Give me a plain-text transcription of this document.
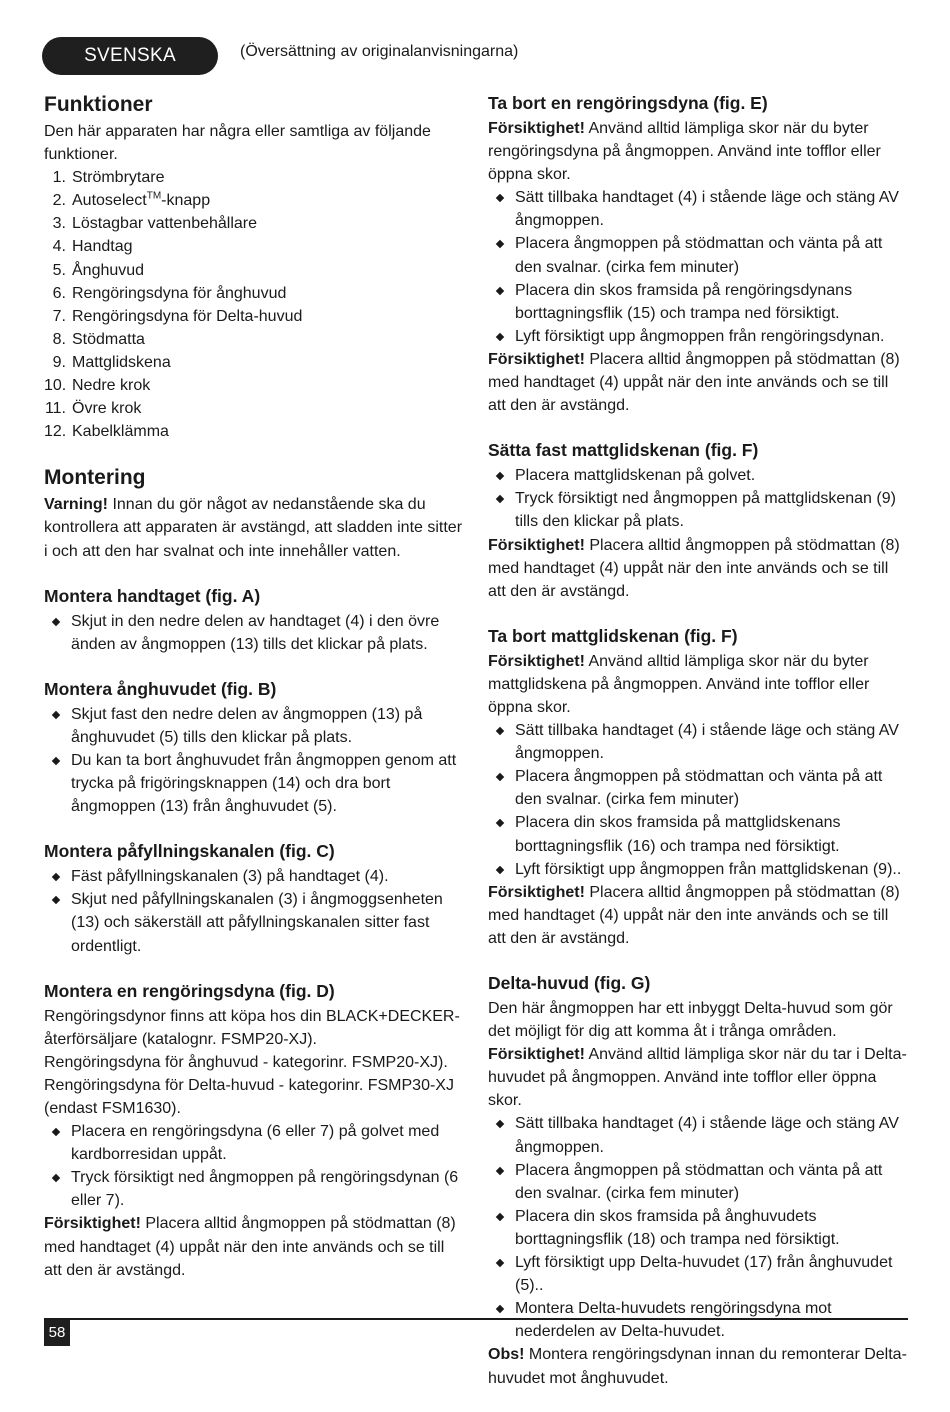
SVENSKA	(Översättning av originalanvisningarna)
Funktioner

Den här apparaten har några eller samtliga av följande funktioner.

1. Strömbrytare
2. Autoselect™-knapp
3. Löstagbar vattenbehållare
4. Handtag
5. Ånghuvud
6. Rengöringsdyna för ånghuvud
7. Rengöringsdyna för Delta-huvud
8. Stödmatta
9. Mattglidskena
10. Nedre krok
11. Övre krok
12. Kabelklämma
Montering

Varning! Innan du gör något av nedanstående ska du kontrollera att apparaten är avstängd, att sladden inte sitter i och att den har svalnat och inte innehåller vatten.

Montera handtaget (fig. A)
Skjut in den nedre delen av handtaget (4) i den övre änden av ångmoppen (13) tills det klickar på plats.
Montera ånghuvudet (fig. B)
Skjut fast den nedre delen av ångmoppen (13) på ånghuvudet (5) tills den klickar på plats.
Du kan ta bort ånghuvudet från ångmoppen genom att trycka på frigöringsknappen (14) och dra bort ångmoppen (13) från ånghuvudet (5).
Montera påfyllningskanalen (fig. C)
Fäst påfyllningskanalen (3) på handtaget (4).
Skjut ned påfyllningskanalen (3) i ångmoggsenheten (13) och säkerställ att påfyllningskanalen sitter fast ordentligt.
Montera en rengöringsdyna (fig. D)

Rengöringsdynor finns att köpa hos din BLACK+DECKER-återförsäljare (katalognr. FSMP20-XJ).

Rengöringsdyna för ånghuvud - kategorinr. FSMP20-XJ).

Rengöringsdyna för Delta-huvud - kategorinr. FSMP30-XJ (endast FSM1630).

Placera en rengöringsdyna (6 eller 7) på golvet med kardborresidan uppåt.
Tryck försiktigt ned ångmoppen på rengöringsdynan (6 eller 7).

Försiktighet! Placera alltid ångmoppen på stödmattan (8) med handtaget (4) uppåt när den inte används och se till att den är avstängd.

Ta bort en rengöringsdyna (fig. E)

Försiktighet! Använd alltid lämpliga skor när du byter rengöringsdyna på ångmoppen. Använd inte tofflor eller öppna skor.

Sätt tillbaka handtaget (4) i stående läge och stäng AV ångmoppen.
Placera ångmoppen på stödmattan och vänta på att den svalnar. (cirka fem minuter)
Placera din skos framsida på rengöringsdynans borttagningsflik (15) och trampa ned försiktigt.
Lyft försiktigt upp ångmoppen från rengöringsdynan.

Försiktighet! Placera alltid ångmoppen på stödmattan (8) med handtaget (4) uppåt när den inte används och se till att den är avstängd.

Sätta fast mattglidskenan (fig. F)
Placera mattglidskenan på golvet.
Tryck försiktigt ned ångmoppen på mattglidskenan (9) tills den klickar på plats.

Försiktighet! Placera alltid ångmoppen på stödmattan (8) med handtaget (4) uppåt när den inte används och se till att den är avstängd.

Ta bort mattglidskenan (fig. F)

Försiktighet! Använd alltid lämpliga skor när du byter mattglidskena på ångmoppen. Använd inte tofflor eller öppna skor.

Sätt tillbaka handtaget (4) i stående läge och stäng AV ångmoppen.
Placera ångmoppen på stödmattan och vänta på att den svalnar. (cirka fem minuter)
Placera din skos framsida på mattglidskenans borttagningsflik (16) och trampa ned försiktigt.
Lyft försiktigt upp ångmoppen från mattglidskenan (9)..

Försiktighet! Placera alltid ångmoppen på stödmattan (8) med handtaget (4) uppåt när den inte används och se till att den är avstängd.

Delta-huvud (fig. G)

Den här ångmoppen har ett inbyggt Delta-huvud som gör det möjligt för dig att komma åt i trånga områden.

Försiktighet! Använd alltid lämpliga skor när du tar i Delta-huvudet på ångmoppen. Använd inte tofflor eller öppna skor.

Sätt tillbaka handtaget (4) i stående läge och stäng AV ångmoppen.
Placera ångmoppen på stödmattan och vänta på att den svalnar. (cirka fem minuter)
Placera din skos framsida på ånghuvudets borttagningsflik (18) och trampa ned försiktigt.
Lyft försiktigt upp Delta-huvudet (17) från ånghuvudet (5)..
Montera Delta-huvudets rengöringsdyna mot nederdelen av Delta-huvudet.

Obs! Montera rengöringsdynan innan du remonterar Delta-huvudet mot ånghuvudet.

58
